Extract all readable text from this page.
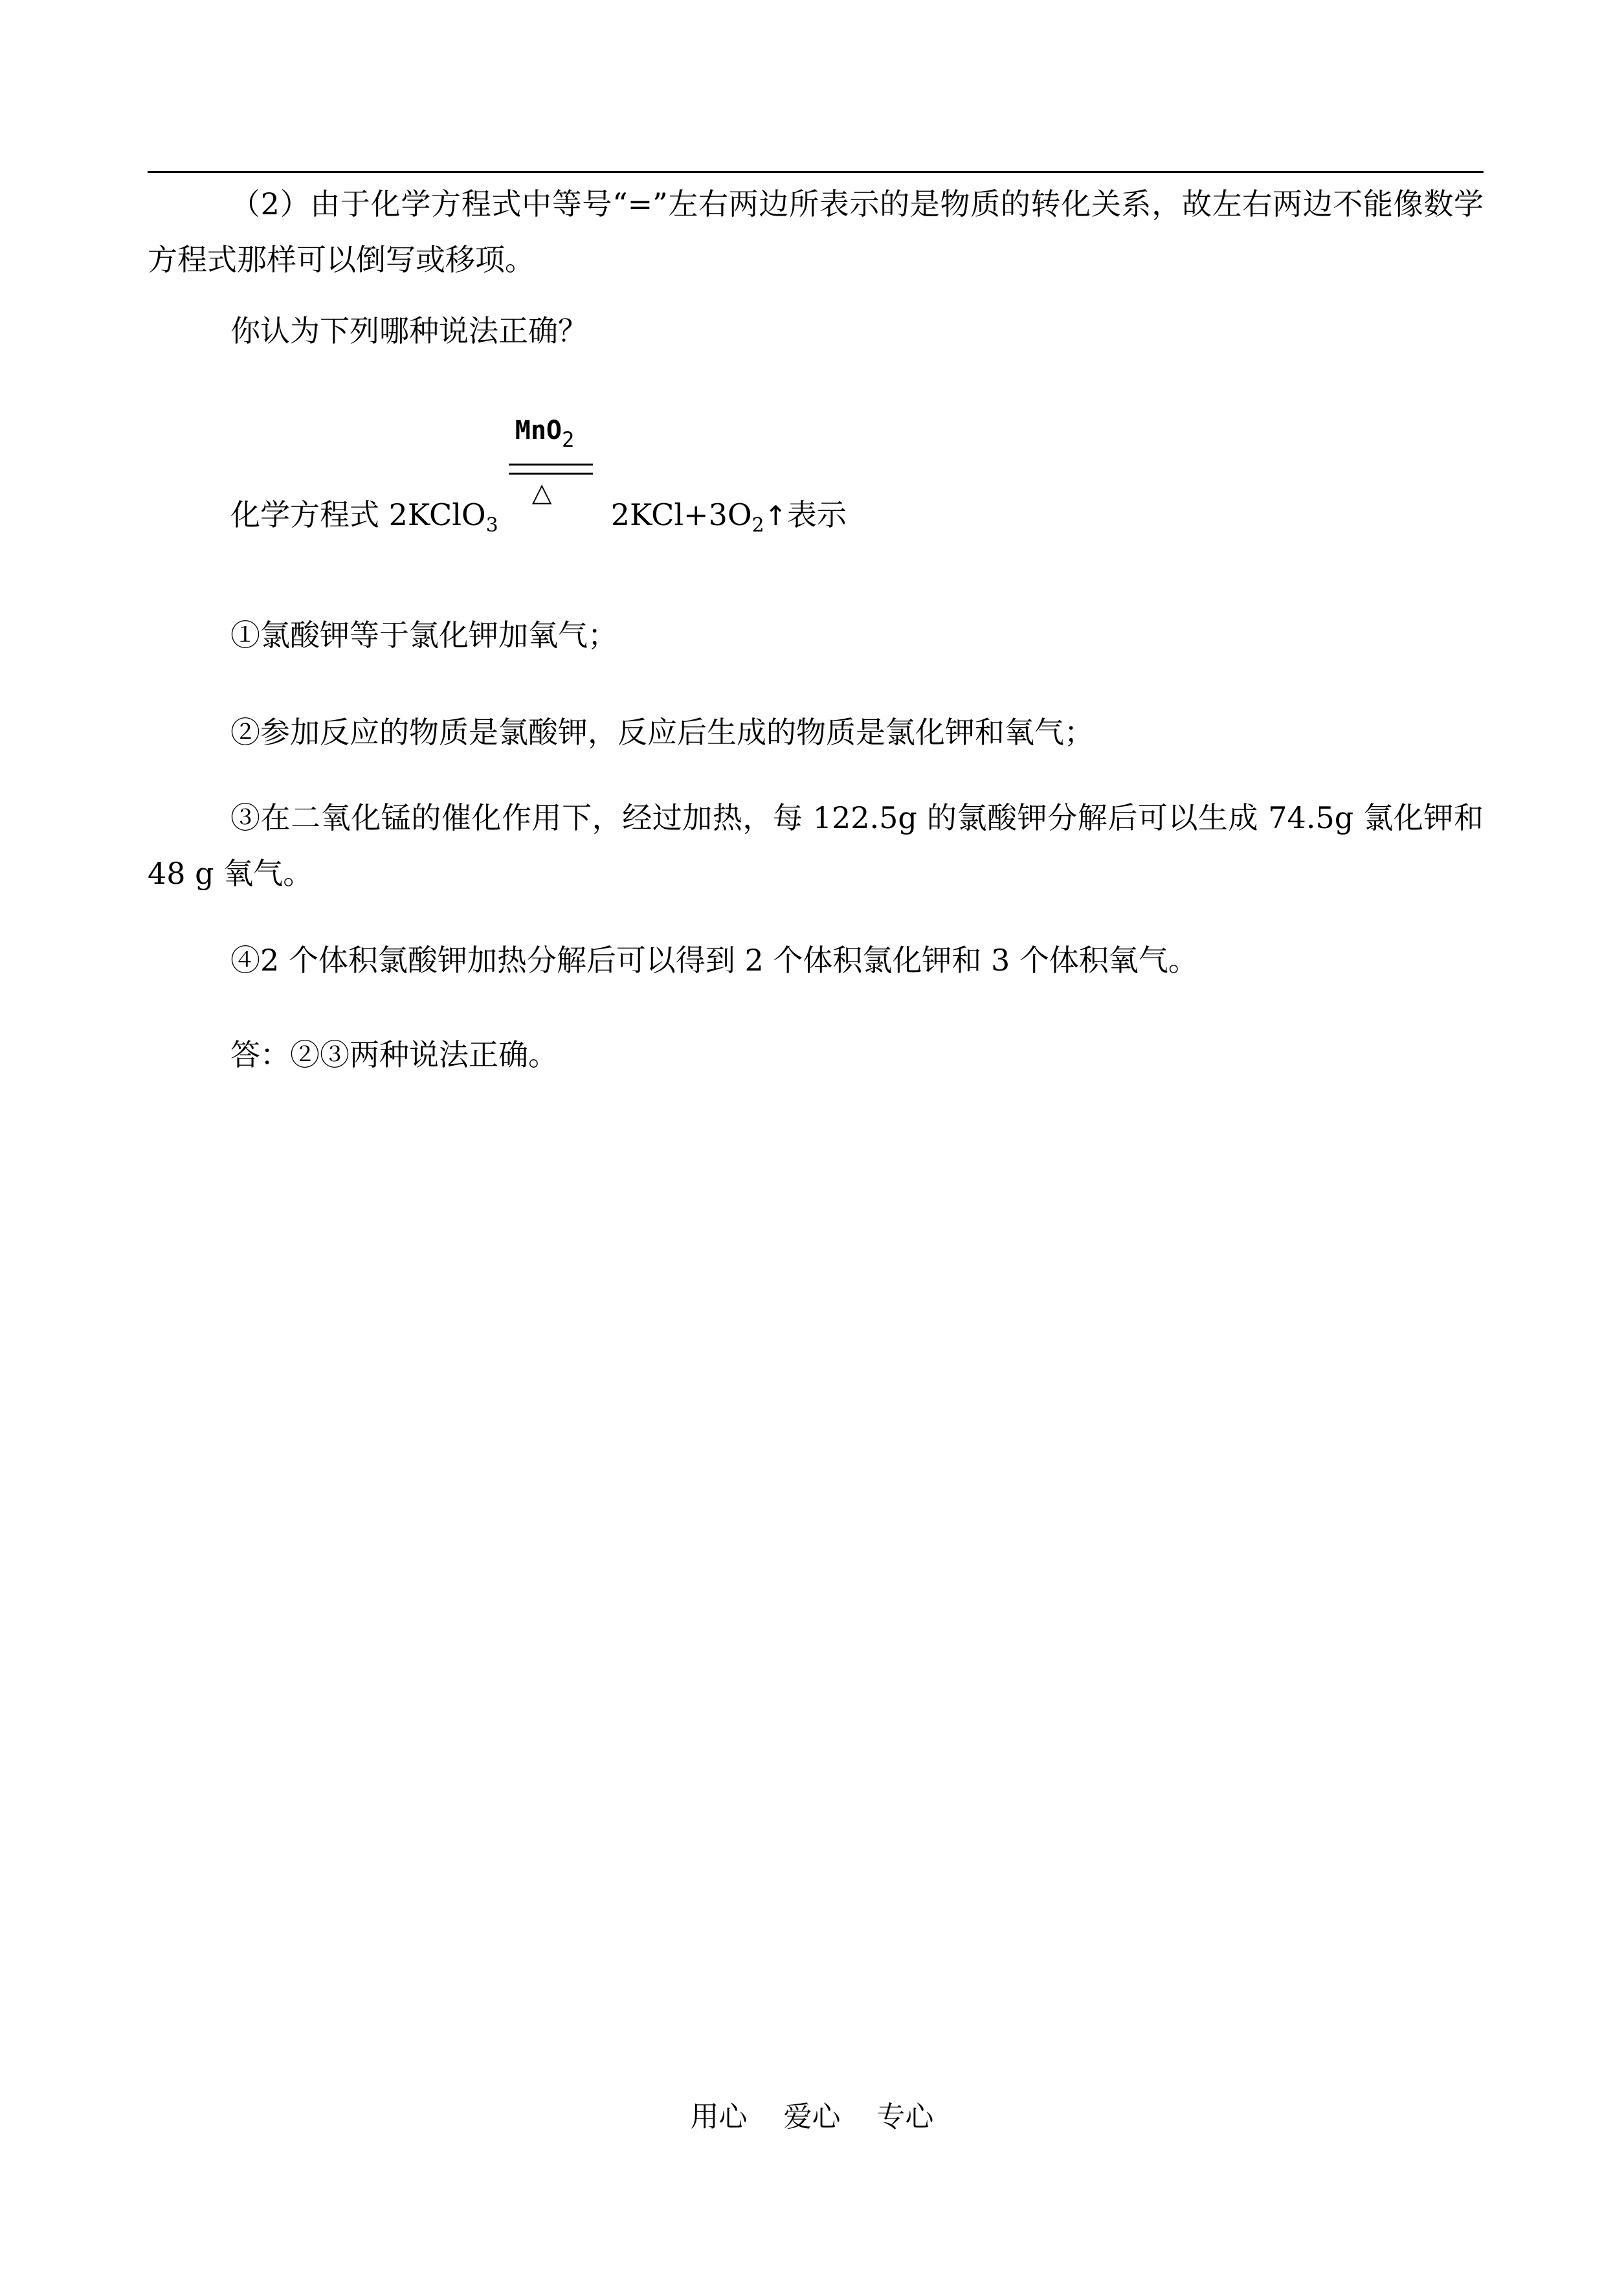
（2）由于化学方程式中等号“=”左右两边所表示的是物质的转化关系，故左右两边不能像数学方程式那样可以倒写或移项。

你认为下列哪种说法正确？

化学方程式 2KClO$_3$
MnO$_2$
△
$2KCl+3O_2↑$表示

①氯酸钾等于氯化钾加氧气；

②参加反应的物质是氯酸钾，反应后生成的物质是氯化钾和氧气；

③在二氧化锰的催化作用下，经过加热，每 122.5g 的氯酸钾分解后可以生成 74.5g 氯化钾和 48 g 氧气。

④2 个体积氯酸钾加热分解后可以得到 2 个体积氯化钾和 3 个体积氧气。

答：②③两种说法正确。

用心    爱心    专心
